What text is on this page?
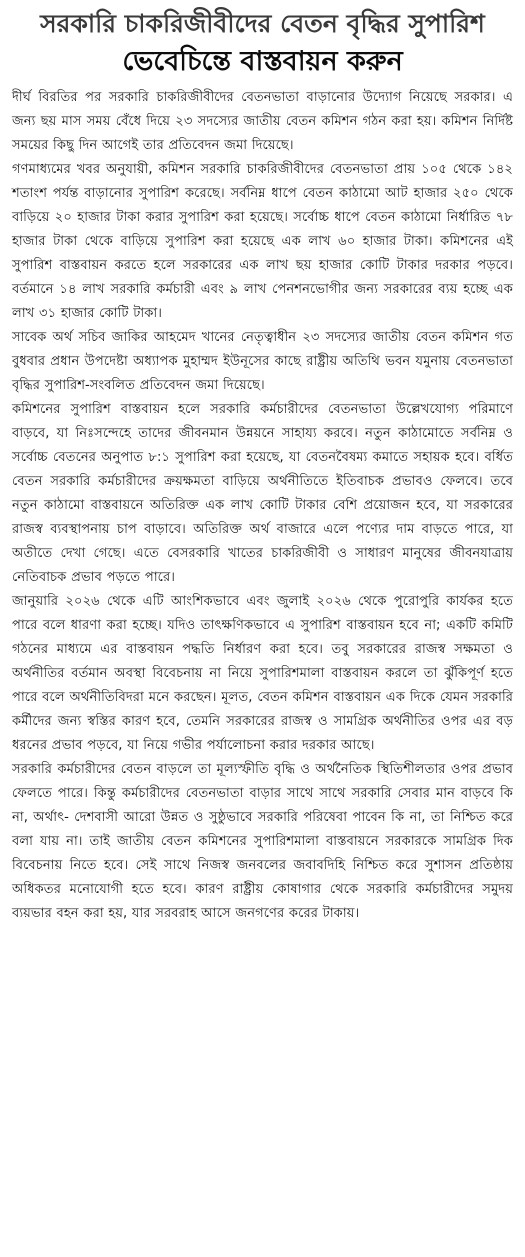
সরকারি চাকরিজীবীদের বেতন বৃদ্ধির সুপারিশ
ভেবেচিন্তে বাস্তবায়ন করুন

দীর্ঘ বিরতির পর সরকারি চাকরিজীবীদের বেতনভাতা বাড়ানোর উদ্যোগ নিয়েছে সরকার। এ জন্য ছয় মাস সময় বেঁধে দিয়ে ২৩ সদস্যের জাতীয় বেতন কমিশন গঠন করা হয়। কমিশন নির্দিষ্ট সময়ের কিছু দিন আগেই তার প্রতিবেদন জমা দিয়েছে।

গণমাধ্যমের খবর অনুযায়ী, কমিশন সরকারি চাকরিজীবীদের বেতনভাতা প্রায় ১০৫ থেকে ১৪২ শতাংশ পর্যন্ত বাড়ানোর সুপারিশ করেছে। সর্বনিম্ন ধাপে বেতন কাঠামো আট হাজার ২৫০ থেকে বাড়িয়ে ২০ হাজার টাকা করার সুপারিশ করা হয়েছে। সর্বোচ্চ ধাপে বেতন কাঠামো নির্ধারিত ৭৮ হাজার টাকা থেকে বাড়িয়ে সুপারিশ করা হয়েছে এক লাখ ৬০ হাজার টাকা। কমিশনের এই সুপারিশ বাস্তবায়ন করতে হলে সরকারের এক লাখ ছয় হাজার কোটি টাকার দরকার পড়বে। বর্তমানে ১৪ লাখ সরকারি কর্মচারী এবং ৯ লাখ পেনশনভোগীর জন্য সরকারের ব্যয় হচ্ছে এক লাখ ৩১ হাজার কোটি টাকা।

সাবেক অর্থ সচিব জাকির আহমেদ খানের নেতৃত্বাধীন ২৩ সদস্যের জাতীয় বেতন কমিশন গত বুধবার প্রধান উপদেষ্টা অধ্যাপক মুহাম্মদ ইউনূসের কাছে রাষ্ট্রীয় অতিথি ভবন যমুনায় বেতনভাতা বৃদ্ধির সুপারিশ-সংবলিত প্রতিবেদন জমা দিয়েছে।

কমিশনের সুপারিশ বাস্তবায়ন হলে সরকারি কর্মচারীদের বেতনভাতা উল্লেখযোগ্য পরিমাণে বাড়বে, যা নিঃসন্দেহে তাদের জীবনমান উন্নয়নে সাহায্য করবে। নতুন কাঠামোতে সর্বনিম্ন ও সর্বোচ্চ বেতনের অনুপাত ৮:১ সুপারিশ করা হয়েছে, যা বেতনবৈষম্য কমাতে সহায়ক হবে। বর্ধিত বেতন সরকারি কর্মচারীদের ক্রয়ক্ষমতা বাড়িয়ে অর্থনীতিতে ইতিবাচক প্রভাবও ফেলবে। তবে নতুন কাঠামো বাস্তবায়নে অতিরিক্ত এক লাখ কোটি টাকার বেশি প্রয়োজন হবে, যা সরকারের রাজস্ব ব্যবস্থাপনায় চাপ বাড়াবে। অতিরিক্ত অর্থ বাজারে এলে পণ্যের দাম বাড়তে পারে, যা অতীতে দেখা গেছে। এতে বেসরকারি খাতের চাকরিজীবী ও সাধারণ মানুষের জীবনযাত্রায় নেতিবাচক প্রভাব পড়তে পারে।

জানুয়ারি ২০২৬ থেকে এটি আংশিকভাবে এবং জুলাই ২০২৬ থেকে পুরোপুরি কার্যকর হতে পারে বলে ধারণা করা হচ্ছে। যদিও তাৎক্ষণিকভাবে এ সুপারিশ বাস্তবায়ন হবে না; একটি কমিটি গঠনের মাধ্যমে এর বাস্তবায়ন পদ্ধতি নির্ধারণ করা হবে। তবু সরকারের রাজস্ব সক্ষমতা ও অর্থনীতির বর্তমান অবস্থা বিবেচনায় না নিয়ে সুপারিশমালা বাস্তবায়ন করলে তা ঝুঁকিপূর্ণ হতে পারে বলে অর্থনীতিবিদরা মনে করছেন। মূলত, বেতন কমিশন বাস্তবায়ন এক দিকে যেমন সরকারি কর্মীদের জন্য স্বস্তির কারণ হবে, তেমনি সরকারের রাজস্ব ও সামগ্রিক অর্থনীতির ওপর এর বড় ধরনের প্রভাব পড়বে, যা নিয়ে গভীর পর্যালোচনা করার দরকার আছে।

সরকারি কর্মচারীদের বেতন বাড়লে তা মূল্যস্ফীতি বৃদ্ধি ও অর্থনৈতিক স্থিতিশীলতার ওপর প্রভাব ফেলতে পারে। কিন্তু কর্মচারীদের বেতনভাতা বাড়ার সাথে সাথে সরকারি সেবার মান বাড়বে কি না, অর্থাৎ- দেশবাসী আরো উন্নত ও সুষ্ঠুভাবে সরকারি পরিষেবা পাবেন কি না, তা নিশ্চিত করে বলা যায় না। তাই জাতীয় বেতন কমিশনের সুপারিশমালা বাস্তবায়নে সরকারকে সামগ্রিক দিক বিবেচনায় নিতে হবে। সেই সাথে নিজস্ব জনবলের জবাবদিহি নিশ্চিত করে সুশাসন প্রতিষ্ঠায় অধিকতর মনোযোগী হতে হবে। কারণ রাষ্ট্রীয় কোষাগার থেকে সরকারি কর্মচারীদের সমুদয় ব্যয়ভার বহন করা হয়, যার সরবরাহ আসে জনগণের করের টাকায়।
